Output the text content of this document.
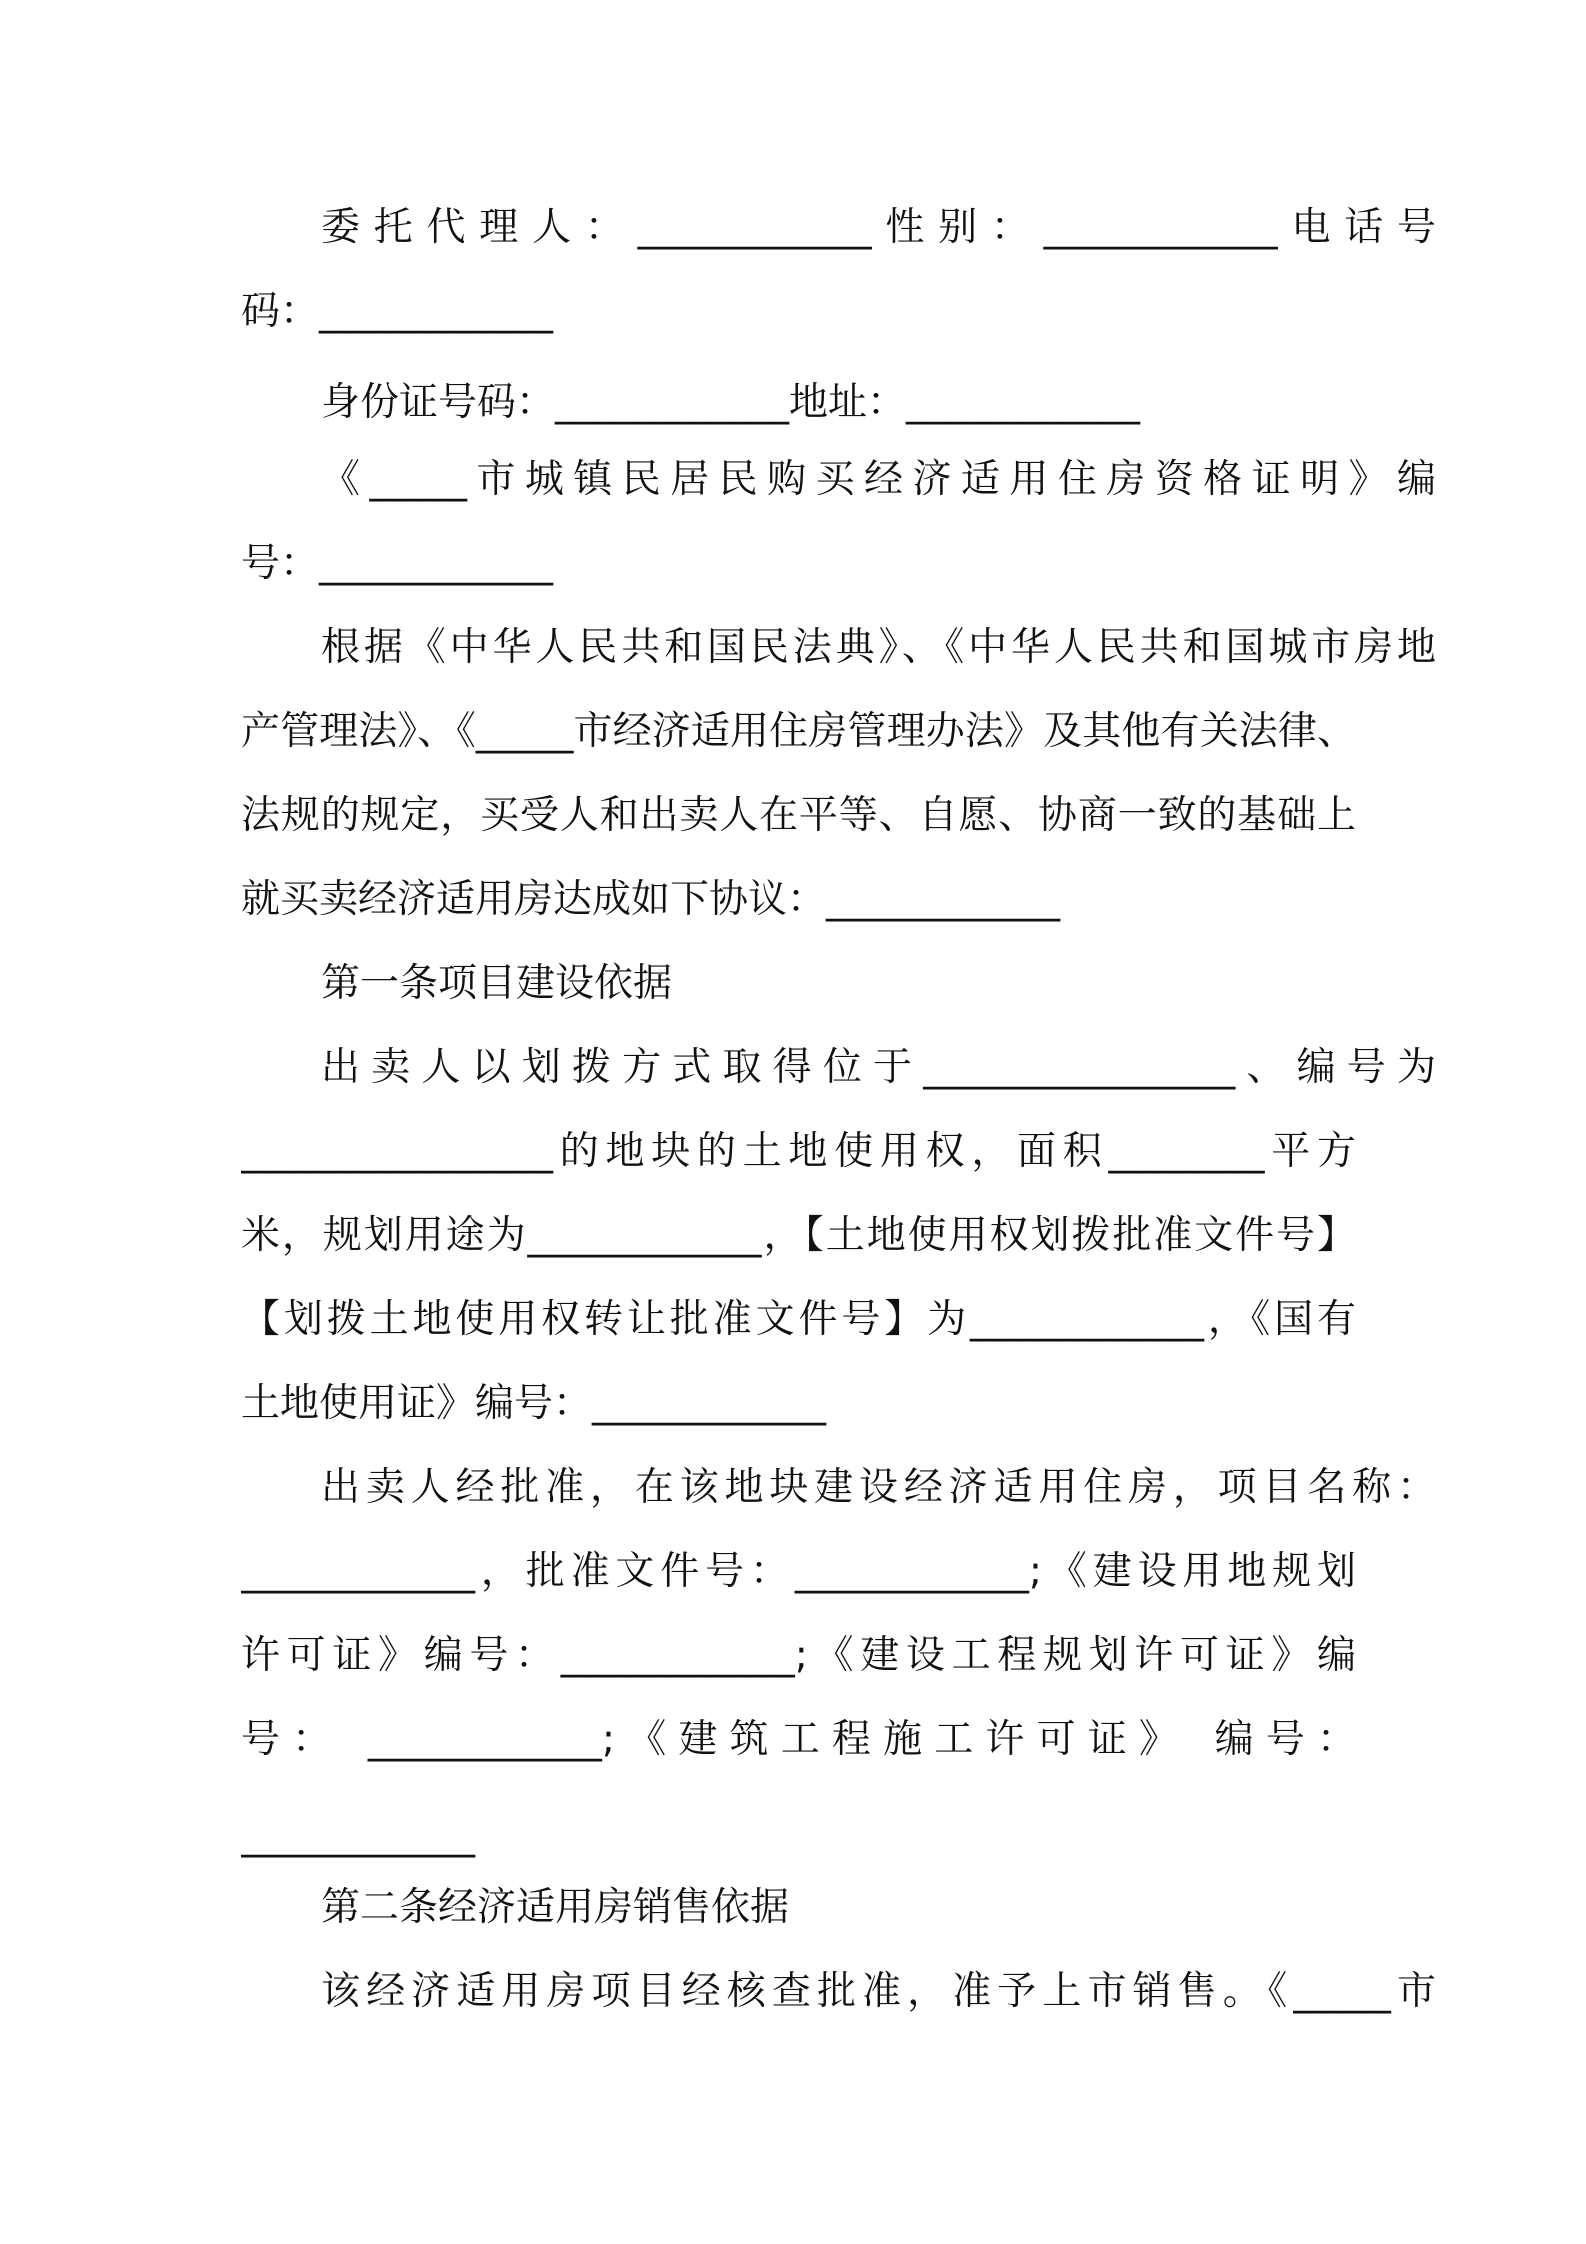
委托代理人：____________性别：____________电话号
码：____________
身份证号码：____________地址：____________
《_____市城镇民居民购买经济适用住房资格证明》编
号：____________
根据《中华人民共和国民法典》、《中华人民共和国城市房地
产管理法》、《_____市经济适用住房管理办法》及其他有关法律、
法规的规定，买受人和出卖人在平等、自愿、协商一致的基础上
就买卖经济适用房达成如下协议：____________
第一条项目建设依据
出卖人以划拨方式取得位于________________、编号为
________________的地块的土地使用权，面积________平方
米，规划用途为____________，【土地使用权划拨批准文件号】
【划拨土地使用权转让批准文件号】为____________，《国有
土地使用证》编号：____________
出卖人经批准，在该地块建设经济适用住房，项目名称：
____________，批准文件号：____________;《建设用地规划
许可证》编号：____________;《建设工程规划许可证》编
号： ____________;《建筑工程施工许可证》 编号：
____________
第二条经济适用房销售依据
该经济适用房项目经核查批准，准予上市销售。《_____市
